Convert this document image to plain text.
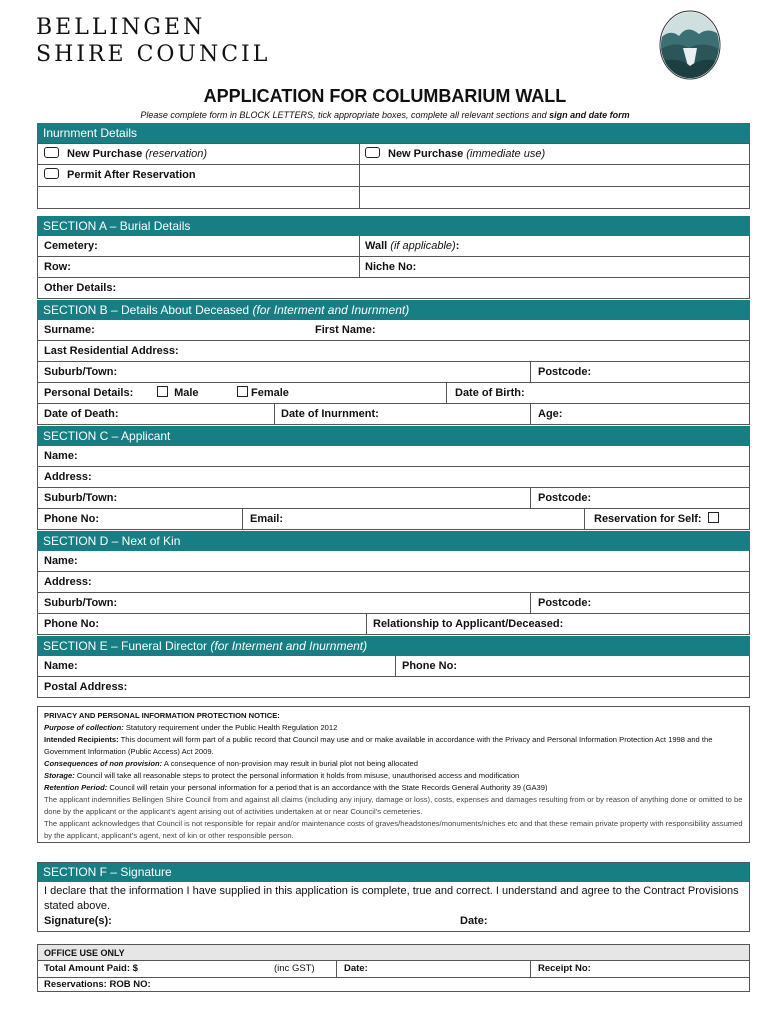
BELLINGEN
SHIRE COUNCIL
APPLICATION FOR COLUMBARIUM WALL
Please complete form in BLOCK LETTERS, tick appropriate boxes, complete all relevant sections and sign and date form
Inurnment Details
New Purchase (reservation)	New Purchase (immediate use)
Permit After Reservation
SECTION A – Burial Details
Cemetery:	Wall (if applicable):
Row:	Niche No:
Other Details:
SECTION B – Details About Deceased (for Interment and Inurnment)
Surname:	First Name:
Last Residential Address:
Suburb/Town:	Postcode:
Personal Details:	Male	Female	Date of Birth:
Date of Death:	Date of Inurnment:	Age:
SECTION C – Applicant
Name:
Address:
Suburb/Town:	Postcode:
Phone No:	Email:	Reservation for Self:
SECTION D – Next of Kin
Name:
Address:
Suburb/Town:	Postcode:
Phone No:	Relationship to Applicant/Deceased:
SECTION E – Funeral Director (for Interment and Inurnment)
Name:	Phone No:
Postal Address:
PRIVACY AND PERSONAL INFORMATION PROTECTION NOTICE:
Purpose of collection: Statutory requirement under the Public Health Regulation 2012
Intended Recipients: This document will form part of a public record that Council may use and or make available in accordance with the Privacy and Personal Information Protection Act 1998 and the Government Information (Public Access) Act 2009.
Consequences of non provision: A consequence of non-provision may result in burial plot not being allocated
Storage: Council will take all reasonable steps to protect the personal information it holds from misuse, unauthorised access and modification
Retention Period: Council will retain your personal information for a period that is an accordance with the State Records General Authority 39 (GA39)
The applicant indemnifies Bellingen Shire Council from and against all claims (including any injury, damage or loss), costs, expenses and damages resulting from or by reason of anything done or omitted to be done by the applicant or the applicant’s agent arising out of activities undertaken at or near Council’s cemeteries.
The applicant acknowledges that Council is not responsible for repair and/or maintenance costs of graves/headstones/monuments/niches etc and that these remain private property with responsibility assumed by the applicant, applicant’s agent, next of kin or other responsible person.
SECTION F – Signature
I declare that the information I have supplied in this application is complete, true and correct. I understand and agree to the Contract Provisions stated above.
Signature(s):	Date:
OFFICE USE ONLY
Total Amount Paid: $	(inc GST)	Date:	Receipt No:
Reservations: ROB NO:
